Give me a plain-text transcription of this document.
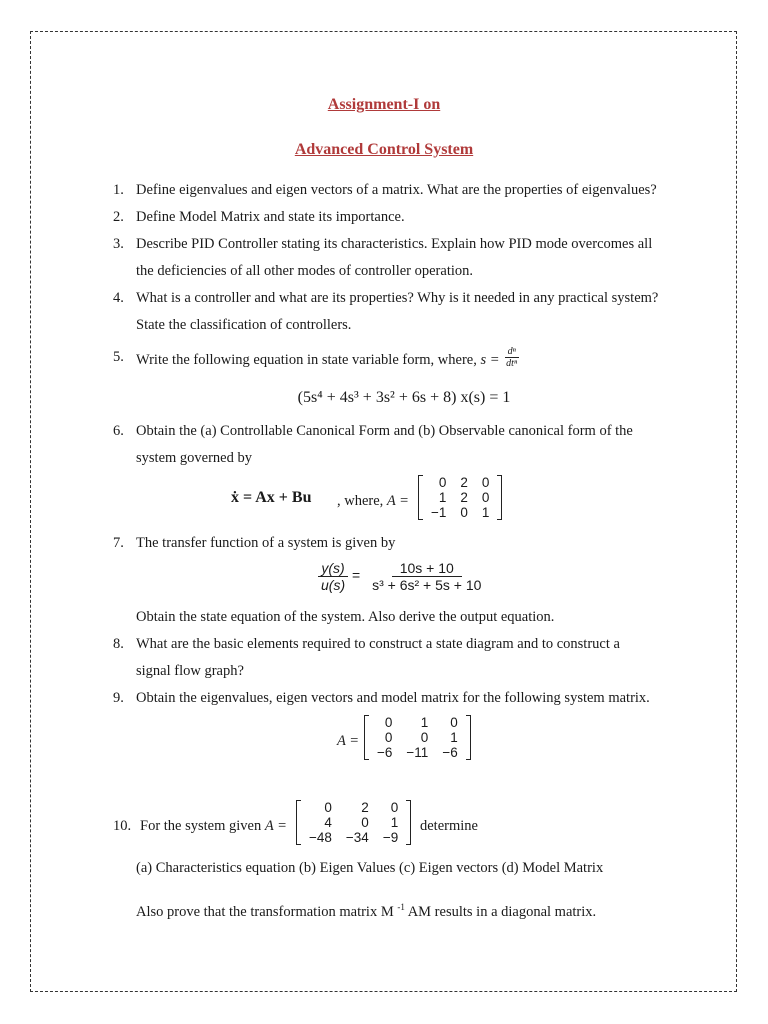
Assignment-I on
Advanced Control System
1. Define eigenvalues and eigen vectors of a matrix. What are the properties of eigenvalues?
2. Define Model Matrix and state its importance.
3. Describe PID Controller stating its characteristics. Explain how PID mode overcomes all
the deficiencies of all other modes of controller operation.
4. What is a controller and what are its properties? Why is it needed in any practical system?
State the classification of controllers.
5. Write the following equation in state variable form, where, $s = \frac{\text{dⁿ}}{\text{dtⁿ}}$
(5s⁴ + 4s³ + 3s² + 6s + 8) x(s) = 1
6. Obtain the (a) Controllable Canonical Form and (b) Observable canonical form of the
system governed by
ẋ = Ax + Bu , where, A =
0	2	0
1	2	0
−1	0	1
7. The transfer function of a system is given by
$\frac{y(s)}{u(s)} = \frac{10s + 10}{\text{s³ + 6s² + 5s + 10}}$
Obtain the state equation of the system. Also derive the output equation.
8. What are the basic elements required to construct a state diagram and to construct a
signal flow graph?
9. Obtain the eigenvalues, eigen vectors and model matrix for the following system matrix.
A =
0	1	0
0	0	1
−6	−11	−6
10. For the system given A =
0	2	0
4	0	1
−48	−34	−9
determine
(a) Characteristics equation (b) Eigen Values (c) Eigen vectors (d) Model Matrix
Also prove that the transformation matrix M $^{-1}$ AM results in a diagonal matrix.
